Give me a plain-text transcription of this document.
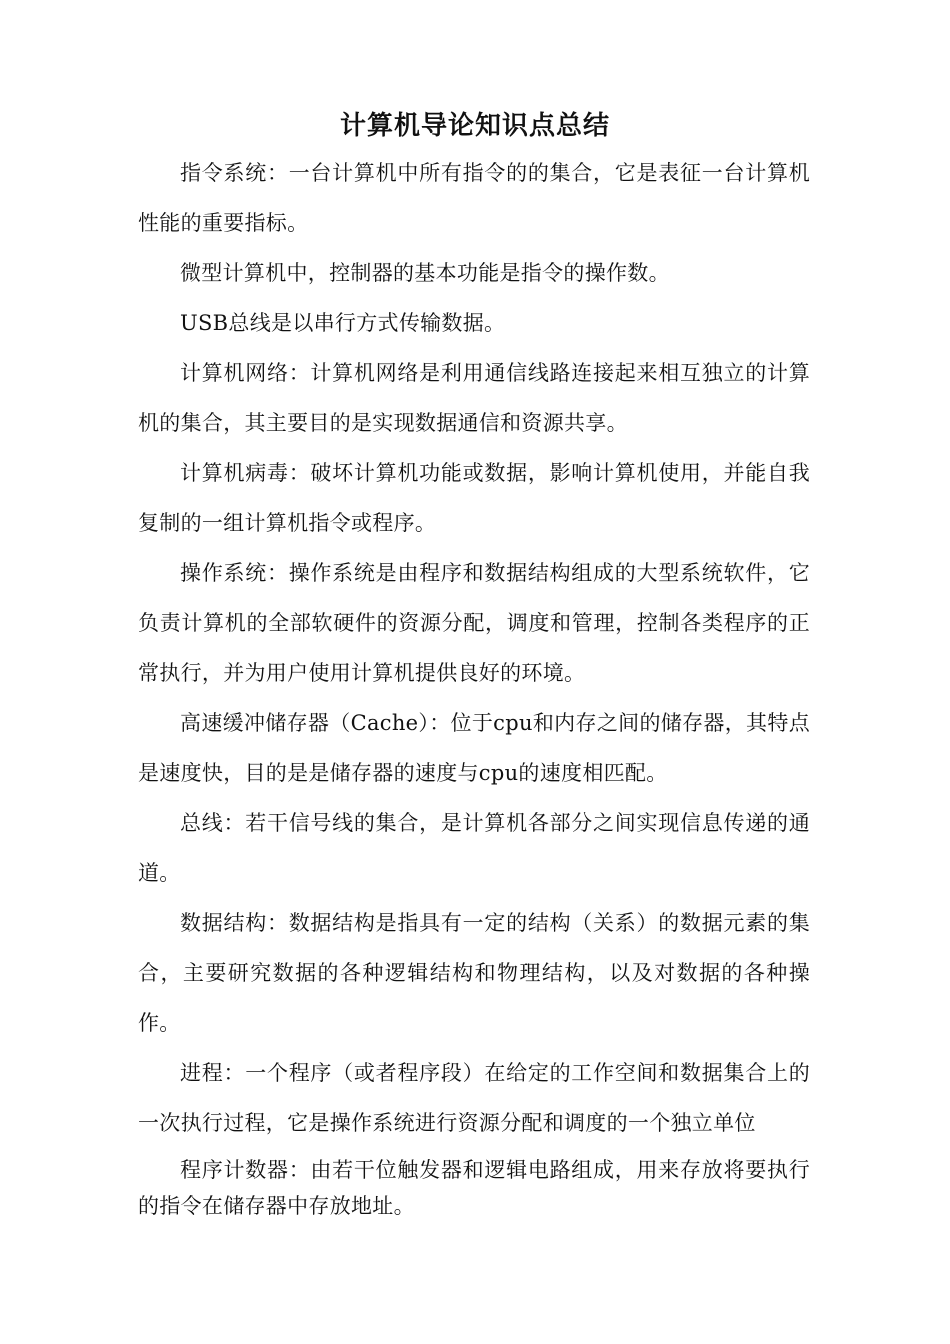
计算机导论知识点总结

指令系统：一台计算机中所有指令的的集合，它是表征一台计算机性能的重要指标。

微型计算机中，控制器的基本功能是指令的操作数。

USB总线是以串行方式传输数据。

计算机网络：计算机网络是利用通信线路连接起来相互独立的计算机的集合，其主要目的是实现数据通信和资源共享。

计算机病毒：破坏计算机功能或数据，影响计算机使用，并能自我复制的一组计算机指令或程序。

操作系统：操作系统是由程序和数据结构组成的大型系统软件，它负责计算机的全部软硬件的资源分配，调度和管理，控制各类程序的正常执行，并为用户使用计算机提供良好的环境。

高速缓冲储存器（Cache）：位于cpu和内存之间的储存器，其特点是速度快，目的是是储存器的速度与cpu的速度相匹配。

总线：若干信号线的集合，是计算机各部分之间实现信息传递的通道。

数据结构：数据结构是指具有一定的结构（关系）的数据元素的集合，主要研究数据的各种逻辑结构和物理结构，以及对数据的各种操作。

进程：一个程序（或者程序段）在给定的工作空间和数据集合上的一次执行过程，它是操作系统进行资源分配和调度的一个独立单位

程序计数器：由若干位触发器和逻辑电路组成，用来存放将要执行的指令在储存器中存放地址。
